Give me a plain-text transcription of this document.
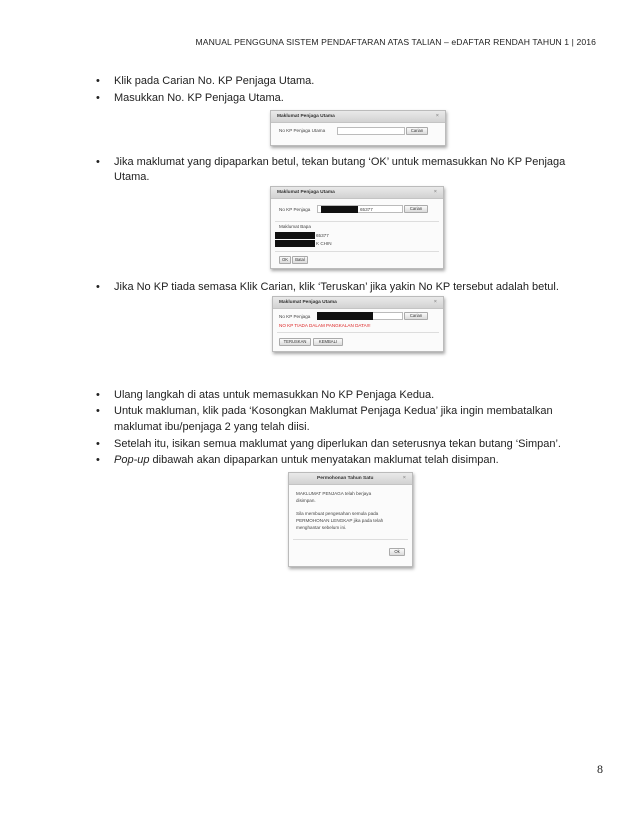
MANUAL PENGGUNA SISTEM PENDAFTARAN ATAS TALIAN – eDAFTAR RENDAH TAHUN 1 | 2016
• Klik pada Carian No. KP Penjaga Utama.
• Masukkan No. KP Penjaga Utama.
Maklumat Penjaga Utama	×
No KP Penjaga Utama	Carian
• Jika maklumat yang dipaparkan betul, tekan butang ‘OK’ untuk memasukkan No KP Penjaga
Utama.
Maklumat Penjaga Utama	×
No KP Penjaga	65377	Carian
Maklumat Bapa
65377
K CHIN
OK	Batal
• Jika No KP tiada semasa Klik Carian, klik ‘Teruskan’ jika yakin No KP tersebut adalah betul.
Maklumat Penjaga Utama	×
No KP Penjaga	Carian
NO KP TIADA DALAM PANGKALAN DATA!!!
TERUSKAN	KEMBALI
• Ulang langkah di atas untuk memasukkan No KP Penjaga Kedua.
• Untuk makluman, klik pada ‘Kosongkan Maklumat Penjaga Kedua’ jika ingin membatalkan
maklumat ibu/penjaga 2 yang telah diisi.
• Setelah itu, isikan semua maklumat yang diperlukan dan seterusnya tekan butang ‘Simpan’.
• Pop-up dibawah akan dipaparkan untuk menyatakan maklumat telah disimpan.
Permohonan Tahun Satu	×
MAKLUMAT PENJAGA telah berjaya
disimpan.
Sila membuat pengesahan semula pada
PERMOHONAN LENGKAP jika pada telah
menghantar sebelum ini.
Ok
8
